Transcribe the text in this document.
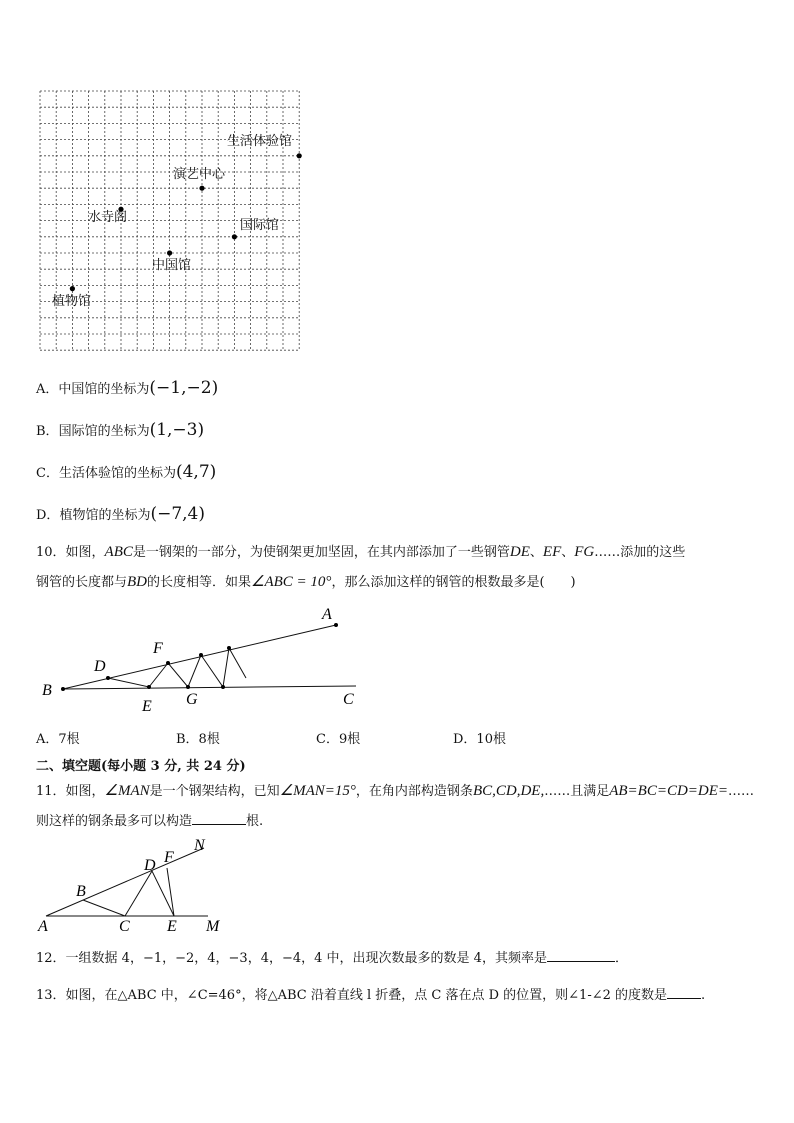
生活体验馆
演艺中心
水寺阁
国际馆
中国馆
植物馆
A．中国馆的坐标为(−1,−2)
B．国际馆的坐标为(1,−3)
C．生活体验馆的坐标为(4,7)
D．植物馆的坐标为(−7,4)
10．如图，ABC是一钢架的一部分，为使钢架更加坚固，在其内部添加了一些钢管DE、EF、FG……添加的这些
钢管的长度都与BD的长度相等．如果∠ABC = 10°，那么添加这样的钢管的根数最多是(　　)
A
B
C
D
E
F
G
A．7根	B．8根	C．9根	D．10根
二、填空题(每小题 3 分, 共 24 分)
11．如图，∠MAN是一个钢架结构，已知∠MAN=15°，在角内部构造钢条BC,CD,DE,……且满足AB=BC=CD=DE=……
则这样的钢条最多可以构造	根.
A
B
C
D
E
F
M
N
12．一组数据 4，−1，−2，4，−3，4，−4，4 中，出现次数最多的数是 4，其频率是	．
13．如图，在△ABC 中，∠C=46°，将△ABC 沿着直线 l 折叠，点 C 落在点 D 的位置，则∠1-∠2 的度数是	.
